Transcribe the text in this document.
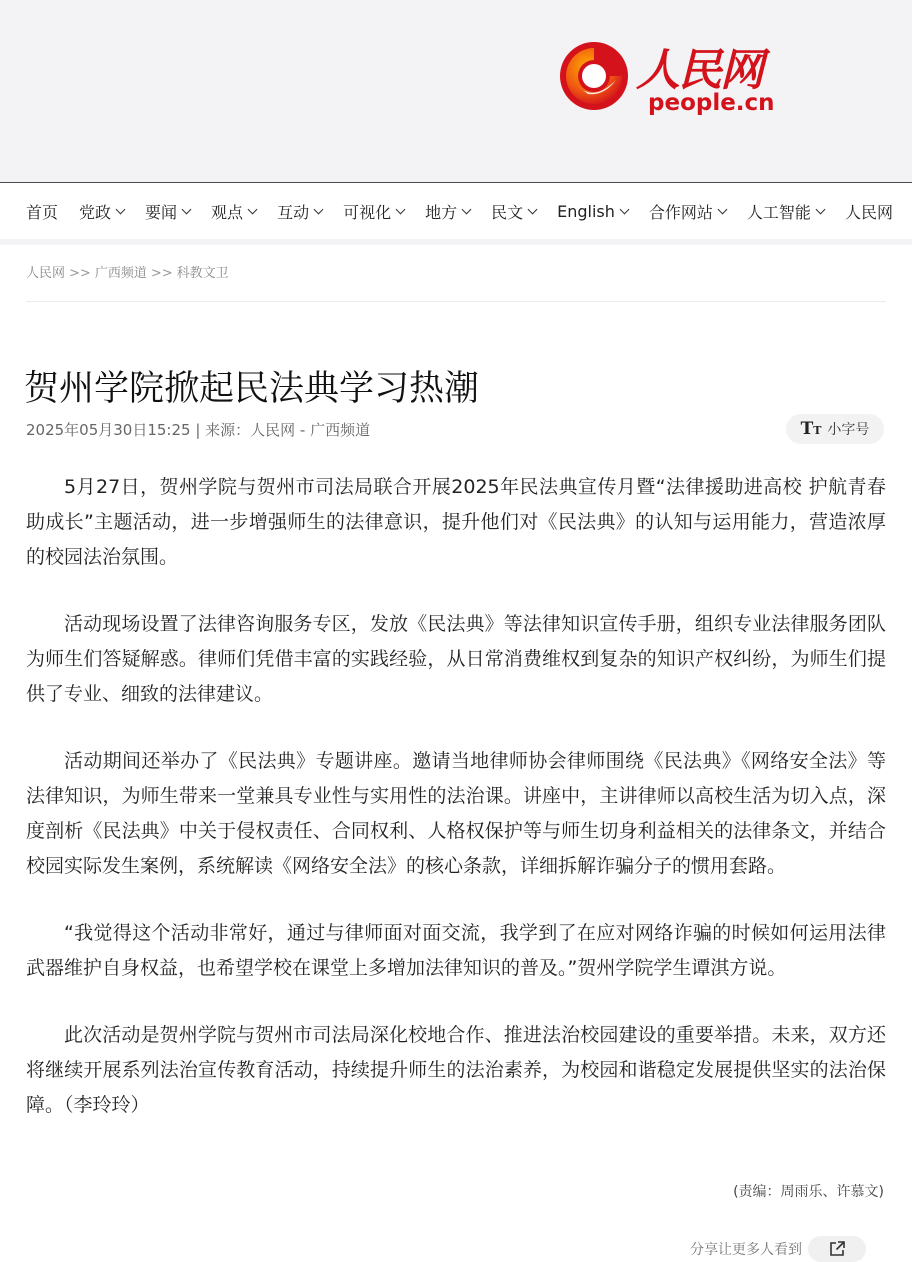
人民网
people.cn
首页 党政 要闻 观点 互动 可视化 地方 民文 English 合作网站 人工智能 人民网
人民网 >> 广西频道 >> 科教文卫
贺州学院掀起民法典学习热潮
2025年05月30日15:25 | 来源：人民网 - 广西频道	TT 小字号

5月27日，贺州学院与贺州市司法局联合开展2025年民法典宣传月暨“法律援助进高校 护航青春助成长”主题活动，进一步增强师生的法律意识，提升他们对《民法典》的认知与运用能力，营造浓厚的校园法治氛围。

活动现场设置了法律咨询服务专区，发放《民法典》等法律知识宣传手册，组织专业法律服务团队为师生们答疑解惑。律师们凭借丰富的实践经验，从日常消费维权到复杂的知识产权纠纷，为师生们提供了专业、细致的法律建议。

活动期间还举办了《民法典》专题讲座。邀请当地律师协会律师围绕《民法典》《网络安全法》等法律知识，为师生带来一堂兼具专业性与实用性的法治课。讲座中，主讲律师以高校生活为切入点，深度剖析《民法典》中关于侵权责任、合同权利、人格权保护等与师生切身利益相关的法律条文，并结合校园实际发生案例，系统解读《网络安全法》的核心条款，详细拆解诈骗分子的惯用套路。

“我觉得这个活动非常好，通过与律师面对面交流，我学到了在应对网络诈骗的时候如何运用法律武器维护自身权益，也希望学校在课堂上多增加法律知识的普及。”贺州学院学生谭淇方说。

此次活动是贺州学院与贺州市司法局深化校地合作、推进法治校园建设的重要举措。未来，双方还将继续开展系列法治宣传教育活动，持续提升师生的法治素养，为校园和谐稳定发展提供坚实的法治保障。（李玲玲）

(责编：周雨乐、许慕文)
分享让更多人看到
